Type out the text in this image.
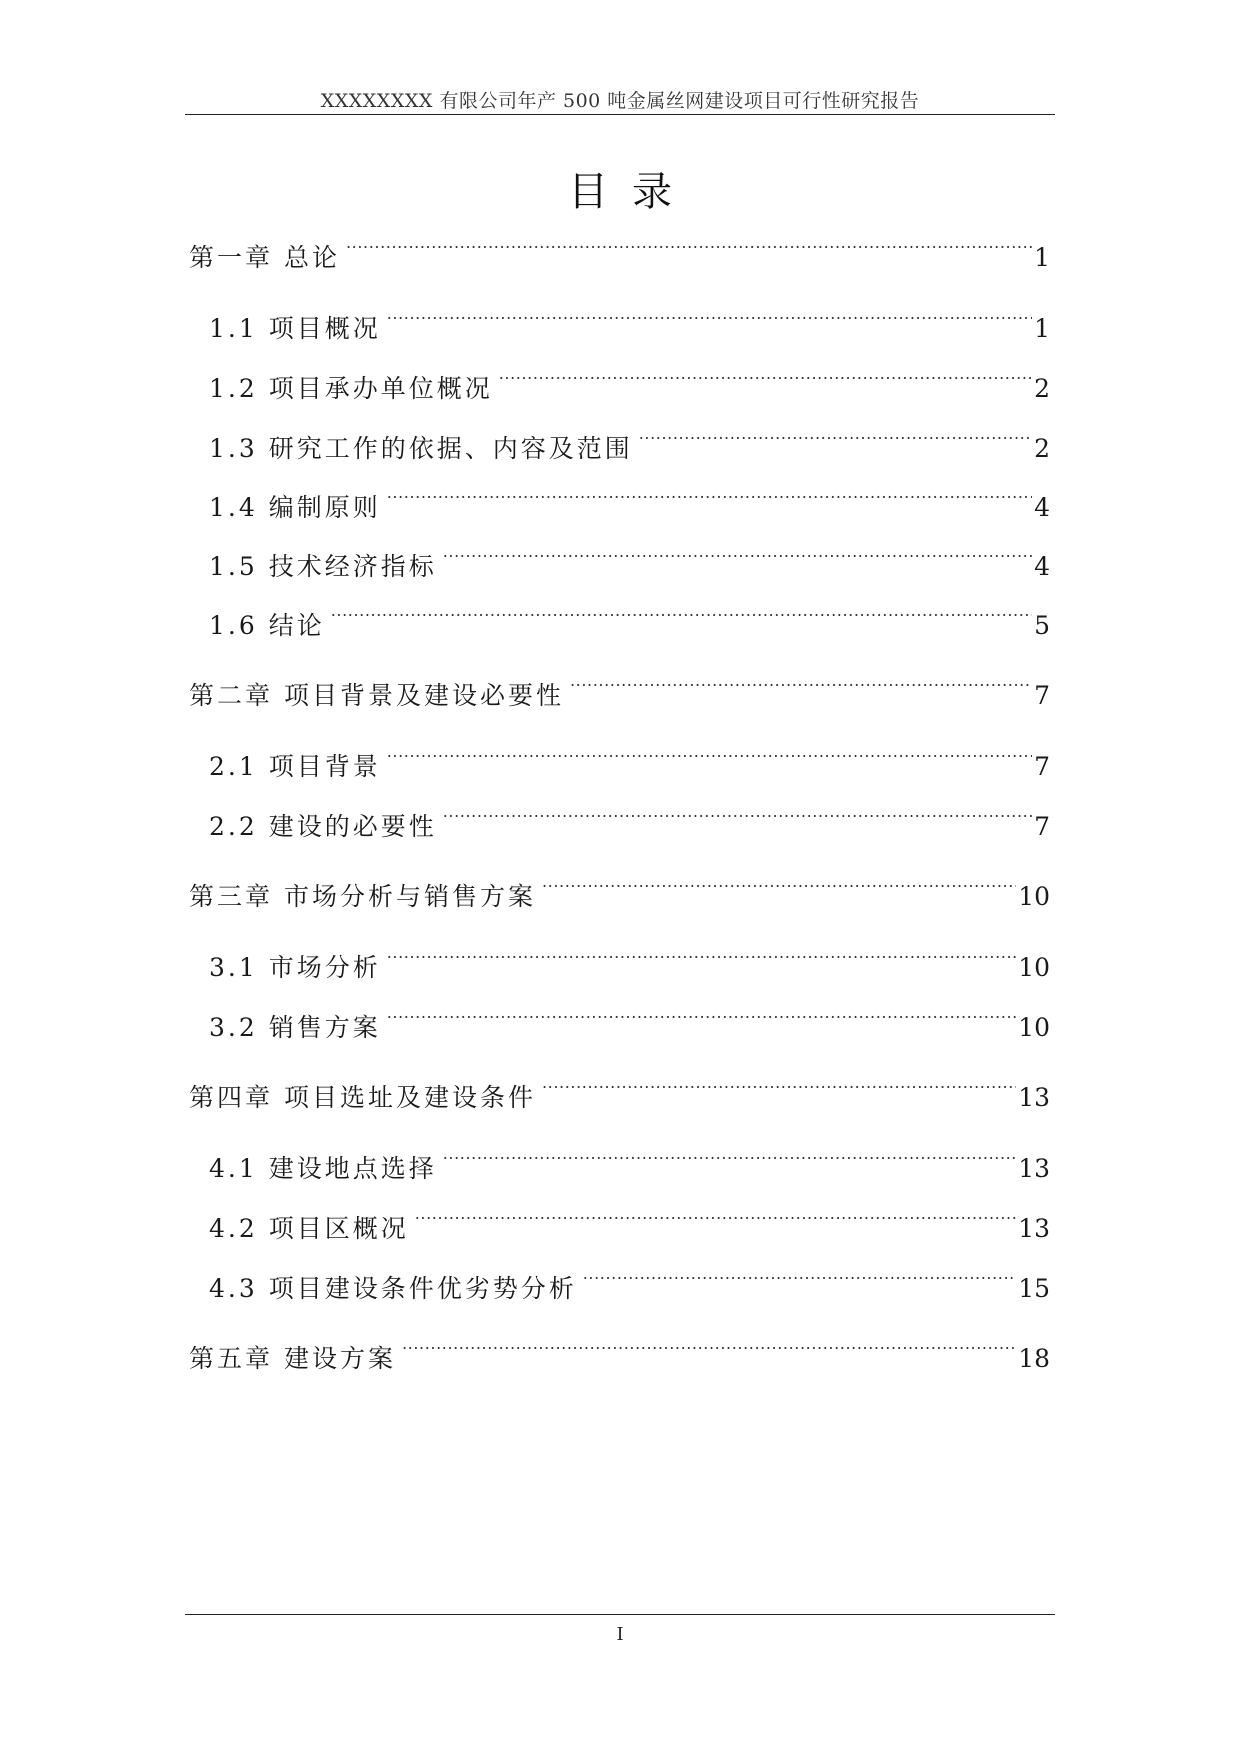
XXXXXXXX 有限公司年产 500 吨金属丝网建设项目可行性研究报告
目录
第一章 总论 .....	1
1.1 项目概况 .....	1
1.2 项目承办单位概况 .....	2
1.3 研究工作的依据、内容及范围 .....	2
1.4 编制原则 .....	4
1.5 技术经济指标 .....	4
1.6 结论 .....	5
第二章 项目背景及建设必要性 .....	7
2.1 项目背景 .....	7
2.2 建设的必要性 .....	7
第三章 市场分析与销售方案 .....	10
3.1 市场分析 .....	10
3.2 销售方案 .....	10
第四章 项目选址及建设条件 .....	13
4.1 建设地点选择 .....	13
4.2 项目区概况 .....	13
4.3 项目建设条件优劣势分析 .....	15
第五章 建设方案 .....	18
I
